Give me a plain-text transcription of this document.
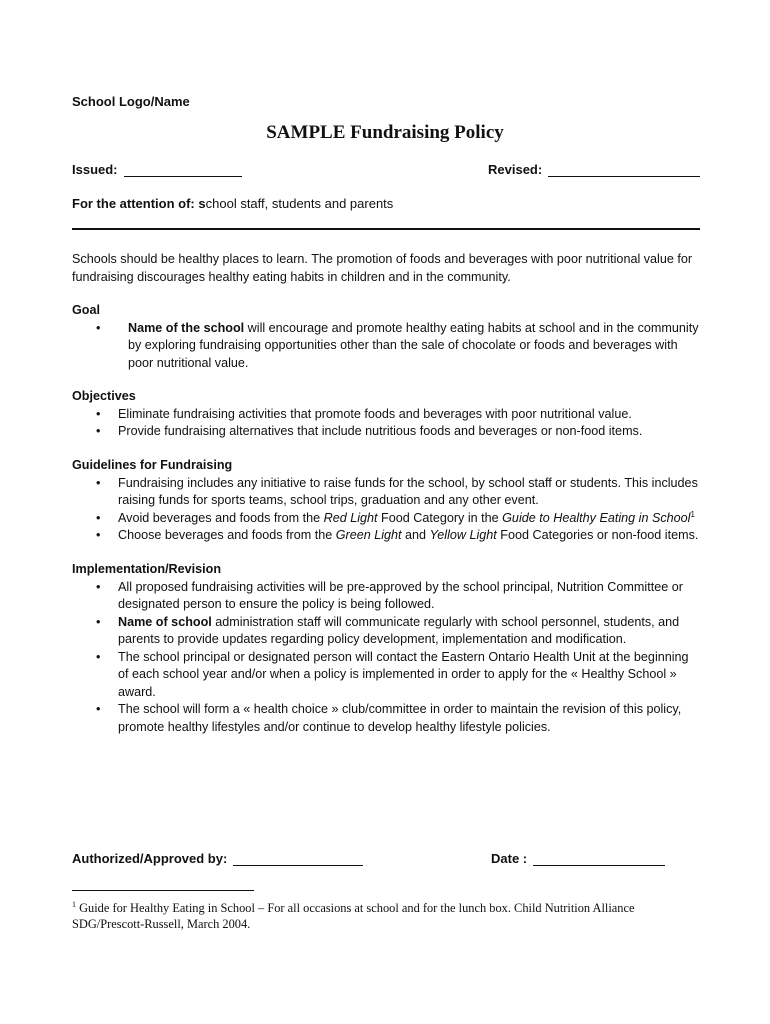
School Logo/Name
SAMPLE Fundraising Policy
Issued:	Revised:
For the attention of: school staff, students and parents
Schools should be healthy places to learn. The promotion of foods and beverages with poor nutritional value for fundraising discourages healthy eating habits in children and in the community.
Goal
• Name of the school will encourage and promote healthy eating habits at school and in the community by exploring fundraising opportunities other than the sale of chocolate or foods and beverages with poor nutritional value.
Objectives
• Eliminate fundraising activities that promote foods and beverages with poor nutritional value.
• Provide fundraising alternatives that include nutritious foods and beverages or non-food items.
Guidelines for Fundraising
• Fundraising includes any initiative to raise funds for the school, by school staff or students. This includes raising funds for sports teams, school trips, graduation and any other event.
• Avoid beverages and foods from the Red Light Food Category in the Guide to Healthy Eating in School$^1$
• Choose beverages and foods from the Green Light and Yellow Light Food Categories or non-food items.
Implementation/Revision
• All proposed fundraising activities will be pre-approved by the school principal, Nutrition Committee or designated person to ensure the policy is being followed.
• Name of school administration staff will communicate regularly with school personnel, students, and parents to provide updates regarding policy development, implementation and modification.
• The school principal or designated person will contact the Eastern Ontario Health Unit at the beginning of each school year and/or when a policy is implemented in order to apply for the « Healthy School » award.
• The school will form a « health choice » club/committee in order to maintain the revision of this policy, promote healthy lifestyles and/or continue to develop healthy lifestyle policies.
Authorized/Approved by:	Date :
$^1$ Guide for Healthy Eating in School – For all occasions at school and for the lunch box. Child Nutrition Alliance SDG/Prescott-Russell, March 2004.
